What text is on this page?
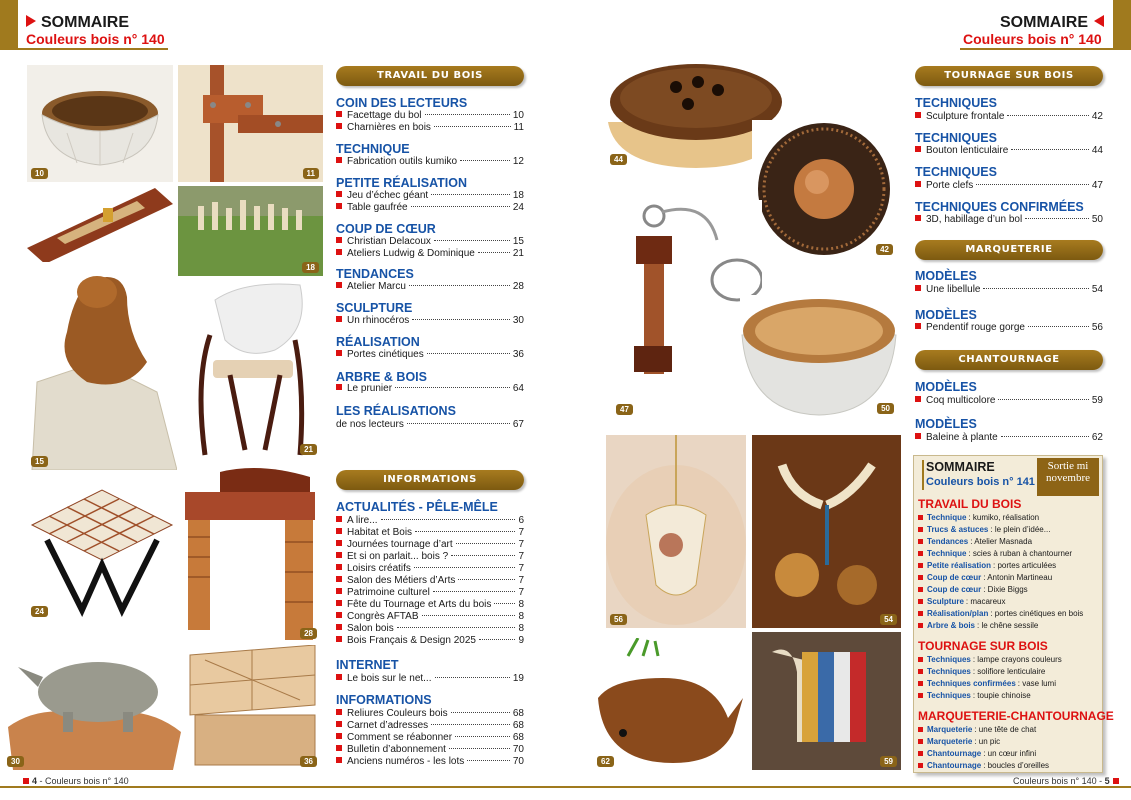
SOMMAIRE
Couleurs bois n° 140
SOMMAIRE
Couleurs bois n° 140
10	11
18
15
21
24
28
30	36
TRAVAIL DU BOIS
COIN DES LECTEURS
Facettage du bol	10
Charnières en bois	11
TECHNIQUE
Fabrication outils kumiko	12
PETITE RÉALISATION
Jeu d’échec géant	18
Table gaufrée	24
COUP DE CŒUR
Christian Delacoux	15
Ateliers Ludwig & Dominique	21
TENDANCES
Atelier Marcu	28
SCULPTURE
Un rhinocéros	30
RÉALISATION
Portes cinétiques	36
ARBRE & BOIS
Le prunier	64
LES RÉALISATIONS
de nos lecteurs	67
INFORMATIONS
ACTUALITÉS - PÊLE-MÊLE
A lire...	6
Habitat et Bois	7
Journées tournage d’art	7
Et si on parlait... bois ?	7
Loisirs créatifs	7
Salon des Métiers d’Arts	7
Patrimoine culturel	7
Fête du Tournage et Arts du bois	8
Congrès AFTAB	8
Salon bois	8
Bois Français & Design 2025	9
INTERNET
Le bois sur le net...	19
INFORMATIONS
Reliures Couleurs bois	68
Carnet d’adresses	68
Comment se réabonner	68
Bulletin d’abonnement	70
Anciens numéros - les lots	70
44
42
47	50
56	54
62	59
TOURNAGE SUR BOIS
TECHNIQUES
Sculpture frontale	42
TECHNIQUES
Bouton lenticulaire	44
TECHNIQUES
Porte clefs	47
TECHNIQUES CONFIRMÉES
3D, habillage d’un bol	50
MARQUETERIE
MODÈLES
Une libellule	54
MODÈLES
Pendentif rouge gorge	56
CHANTOURNAGE
MODÈLES
Coq multicolore	59
MODÈLES
Baleine à plante	62
SOMMAIRE
Couleurs bois n° 141
Sortie mi novembre
TRAVAIL DU BOIS
Technique : kumiko, réalisation
Trucs & astuces : le plein d’idée...
Tendances : Atelier Masnada
Technique : scies à ruban à chantourner
Petite réalisation : portes articulées
Coup de cœur : Antonin Martineau
Coup de cœur : Dixie Biggs
Sculpture : macareux
Réalisation/plan : portes cinétiques en bois
Arbre & bois : le chêne sessile
TOURNAGE SUR BOIS
Techniques : lampe crayons couleurs
Techniques : solifiore lenticulaire
Techniques confirmées : vase lumi
Techniques : toupie chinoise
MARQUETERIE-CHANTOURNAGE
Marqueterie : une tête de chat
Marqueterie : un pic
Chantournage : un cœur infini
Chantournage : boucles d’oreilles
4 - Couleurs bois n° 140	Couleurs bois n° 140 - 5
